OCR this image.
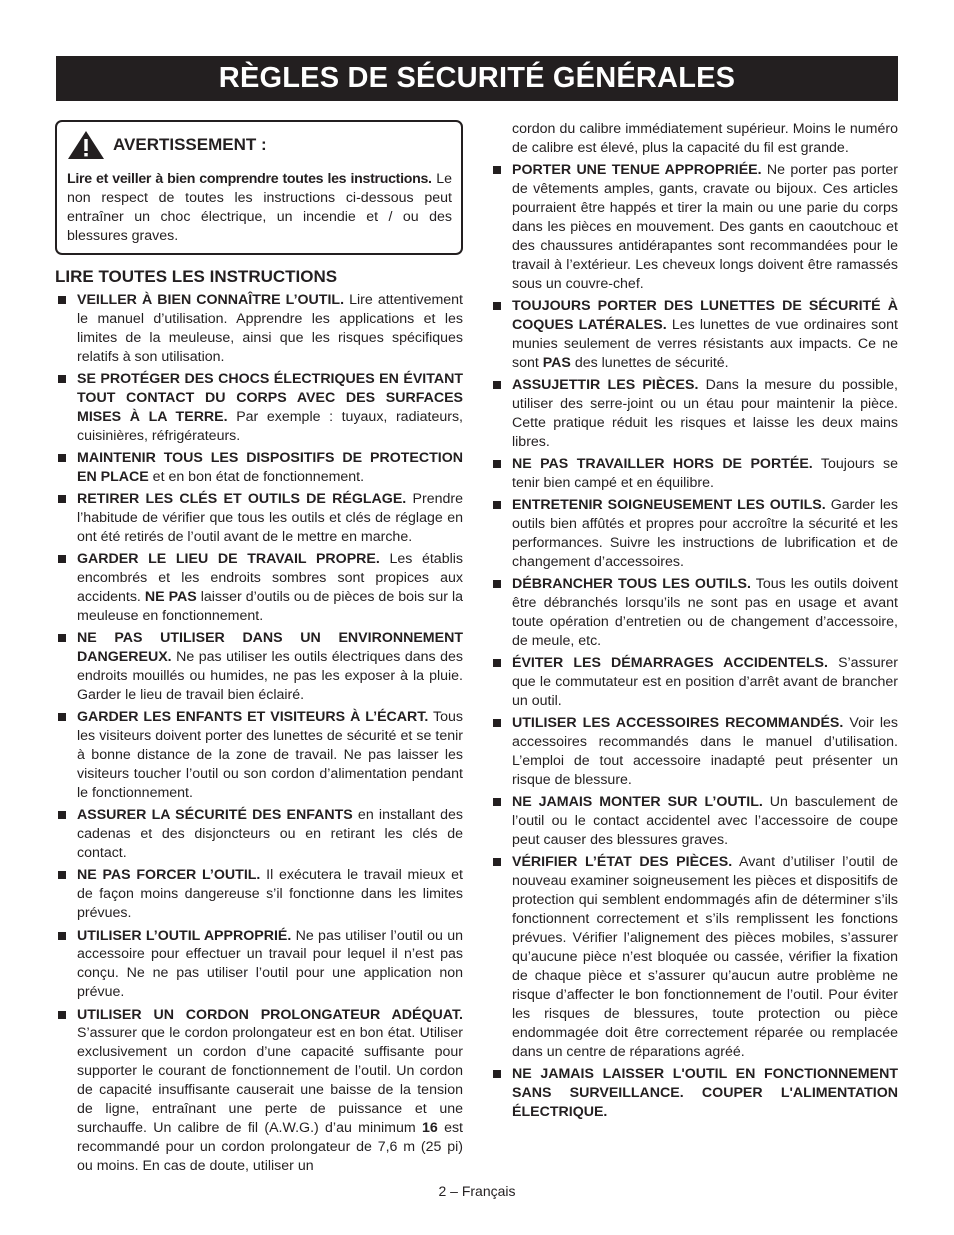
RÈGLES DE SÉCURITÉ GÉNÉRALES
AVERTISSEMENT :
Lire et veiller à bien comprendre toutes les instructions. Le non respect de toutes les instructions ci-dessous peut entraîner un choc électrique, un incendie et / ou des blessures graves.
LIRE TOUTES LES INSTRUCTIONS
VEILLER À BIEN CONNAÎTRE L’OUTIL. Lire attentivement le manuel d’utilisation. Apprendre les applications et les limites de la meuleuse, ainsi que les risques spécifiques relatifs à son utilisation.
SE PROTÉGER DES CHOCS ÉLECTRIQUES EN ÉVITANT TOUT CONTACT DU CORPS AVEC DES SURFACES MISES À LA TERRE. Par exemple : tuyaux, radiateurs, cuisinières, réfrigérateurs.
MAINTENIR TOUS LES DISPOSITIFS DE PROTECTION EN PLACE et en bon état de fonctionnement.
RETIRER LES CLÉS ET OUTILS DE RÉGLAGE. Prendre l’habitude de vérifier que tous les outils et clés de réglage en ont été retirés de l’outil avant de le mettre en marche.
GARDER LE LIEU DE TRAVAIL PROPRE. Les établis encombrés et les endroits sombres sont propices aux accidents. NE PAS laisser d’outils ou de pièces de bois sur la meuleuse en fonctionnement.
NE PAS UTILISER DANS UN ENVIRONNEMENT DANGEREUX. Ne pas utiliser les outils électriques dans des endroits mouillés ou humides, ne pas les exposer à la pluie. Garder le lieu de travail bien éclairé.
GARDER LES ENFANTS ET VISITEURS À L’ÉCART. Tous les visiteurs doivent porter des lunettes de sécurité et se tenir à bonne distance de la zone de travail. Ne pas laisser les visiteurs toucher l’outil ou son cordon d’alimentation pendant le fonctionnement.
ASSURER LA SÉCURITÉ DES ENFANTS en installant des cadenas et des disjoncteurs ou en retirant les clés de contact.
NE PAS FORCER L’OUTIL. Il exécutera le travail mieux et de façon moins dangereuse s’il fonctionne dans les limites prévues.
UTILISER L’OUTIL APPROPRIÉ. Ne pas utiliser l’outil ou un accessoire pour effectuer un travail pour lequel il n’est pas conçu. Ne ne pas utiliser l’outil pour une application non prévue.
UTILISER UN CORDON PROLONGATEUR ADÉQUAT. S’assurer que le cordon prolongateur est en bon état. Utiliser exclusivement un cordon d’une capacité suffisante pour supporter le courant de fonctionnement de l’outil. Un cordon de capacité insuffisante causerait une baisse de la tension de ligne, entraînant une perte de puissance et une surchauffe. Un calibre de fil (A.W.G.) d’au minimum 16 est recommandé pour un cordon prolongateur de 7,6 m (25 pi) ou moins. En cas de doute, utiliser un
cordon du calibre immédiatement supérieur. Moins le numéro de calibre est élevé, plus la capacité du fil est grande.
PORTER UNE TENUE APPROPRIÉE. Ne porter pas porter de vêtements amples, gants, cravate ou bijoux. Ces articles pourraient être happés et tirer la main ou une parie du corps dans les pièces en mouvement. Des gants en caoutchouc et des chaussures antidérapantes sont recommandées pour le travail à l’extérieur. Les cheveux longs doivent être ramassés sous un couvre-chef.
TOUJOURS PORTER DES LUNETTES DE SÉCURITÉ À COQUES LATÉRALES. Les lunettes de vue ordinaires sont munies seulement de verres résistants aux impacts. Ce ne sont PAS des lunettes de sécurité.
ASSUJETTIR LES PIÈCES. Dans la mesure du possible, utiliser des serre-joint ou un étau pour maintenir la pièce. Cette pratique réduit les risques et laisse les deux mains libres.
NE PAS TRAVAILLER HORS DE PORTÉE. Toujours se tenir bien campé et en équilibre.
ENTRETENIR SOIGNEUSEMENT LES OUTILS. Garder les outils bien affûtés et propres pour accroître la sécurité et les performances. Suivre les instructions de lubrification et de changement d’accessoires.
DÉBRANCHER TOUS LES OUTILS. Tous les outils doivent être débranchés lorsqu’ils ne sont pas en usage et avant toute opération d’entretien ou de changement d’accessoire, de meule, etc.
ÉVITER LES DÉMARRAGES ACCIDENTELS. S’assurer que le commutateur est en position d’arrêt avant de brancher un outil.
UTILISER LES ACCESSOIRES RECOMMANDÉS. Voir les accessoires recommandés dans le manuel d’utilisation. L’emploi de tout accessoire inadapté peut présenter un risque de blessure.
NE JAMAIS MONTER SUR L’OUTIL. Un basculement de l’outil ou le contact accidentel avec l’accessoire de coupe peut causer des blessures graves.
VÉRIFIER L’ÉTAT DES PIÈCES. Avant d’utiliser l’outil de nouveau examiner soigneusement les pièces et dispositifs de protection qui semblent endommagés afin de déterminer s’ils fonctionnent correctement et s’ils remplissent les fonctions prévues. Vérifier l’alignement des pièces mobiles, s’assurer qu’aucune pièce n’est bloquée ou cassée, vérifier la fixation de chaque pièce et s’assurer qu’aucun autre problème ne risque d’affecter le bon fonctionnement de l’outil. Pour éviter les risques de blessures, toute protection ou pièce endommagée doit être correctement réparée ou remplacée dans un centre de réparations agréé.
NE JAMAIS LAISSER L'OUTIL EN FONCTIONNEMENT SANS SURVEILLANCE. COUPER L'ALIMENTATION ÉLECTRIQUE.
2 – Français
